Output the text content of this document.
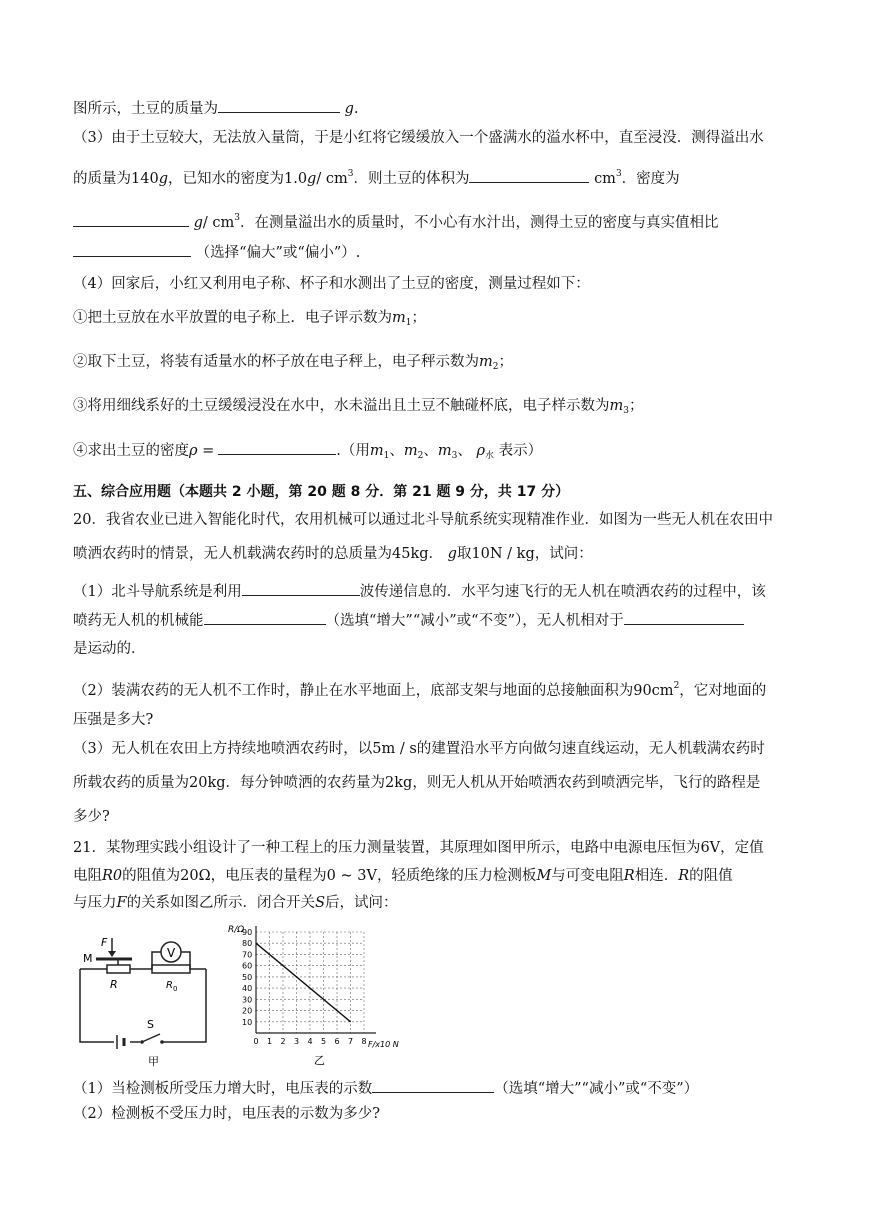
图所示，土豆的质量为	g.
（3）由于土豆较大，无法放入量筒，于是小红将它缓缓放入一个盛满水的溢水杯中，直至浸没．测得溢出水
的质量为140g，已知水的密度为1.0g/ $cm^3$．则土豆的体积为	$cm^3$．密度为
g/ $cm^3$．在测量溢出水的质量时，不小心有水汁出，测得土豆的密度与真实值相比
（选择“偏大”或“偏小”）.
（4）回家后，小红又利用电子称、杯子和水测出了土豆的密度，测量过程如下：
①把土豆放在水平放置的电子称上．电子评示数为$m_1$；
②取下土豆，将装有适量水的杯子放在电子秤上，电子秤示数为$m_2$；
③将用细线系好的土豆缓缓浸没在水中，水未溢出且土豆不触碰杯底，电子样示数为$m_3$；
④求出土豆的密度ρ =	.（用$m_1$、$m_2$、$m_3$、 $\rho_水$ 表示）
五、综合应用题（本题共 2 小题，第 20 题 8 分．第 21 题 9 分，共 17 分）
20．我省农业已进入智能化时代，农用机械可以通过北斗导航系统实现精准作业．如图为一些无人机在农田中
喷洒农药时的情景，无人机载满农药时的总质量为45kg． g取10N / kg，试问：
（1）北斗导航系统是利用	波传递信息的．水平匀速飞行的无人机在喷洒农药的过程中，该
喷药无人机的机械能	（选填“增大”“减小”或“不变”），无人机相对于
是运动的．
（2）装满农药的无人机不工作时，静止在水平地面上，底部支架与地面的总接触面积为$90cm^2$，它对地面的
压强是多大?
（3）无人机在农田上方持续地喷洒农药时，以5m / s的建置沿水平方向做匀速直线运动，无人机载满农药时
所载农药的质量为20kg．每分钟喷洒的农药量为2kg，则无人机从开始喷洒农药到喷洒完毕，飞行的路程是
多少?
21．某物理实践小组设计了一种工程上的压力测量装置，其原理如图甲所示，电路中电源电压恒为6V，定值
电阻R0的阻值为20Ω，电压表的量程为0 ~ 3V，轻质绝缘的压力检测板M与可变电阻R相连．R的阻值
与压力F的关系如图乙所示．闭合开关S后，试问：
V
F
M
R	R 0
S
甲
0 1 2 3 4 5 6 7 8
10
20
30
40
50
60
70
80
90
R/Ω
F/x10 N
乙
（1）当检测板所受压力增大时，电压表的示数	（选填“增大”“减小”或“不变”）
（2）检测板不受压力时，电压表的示数为多少?
